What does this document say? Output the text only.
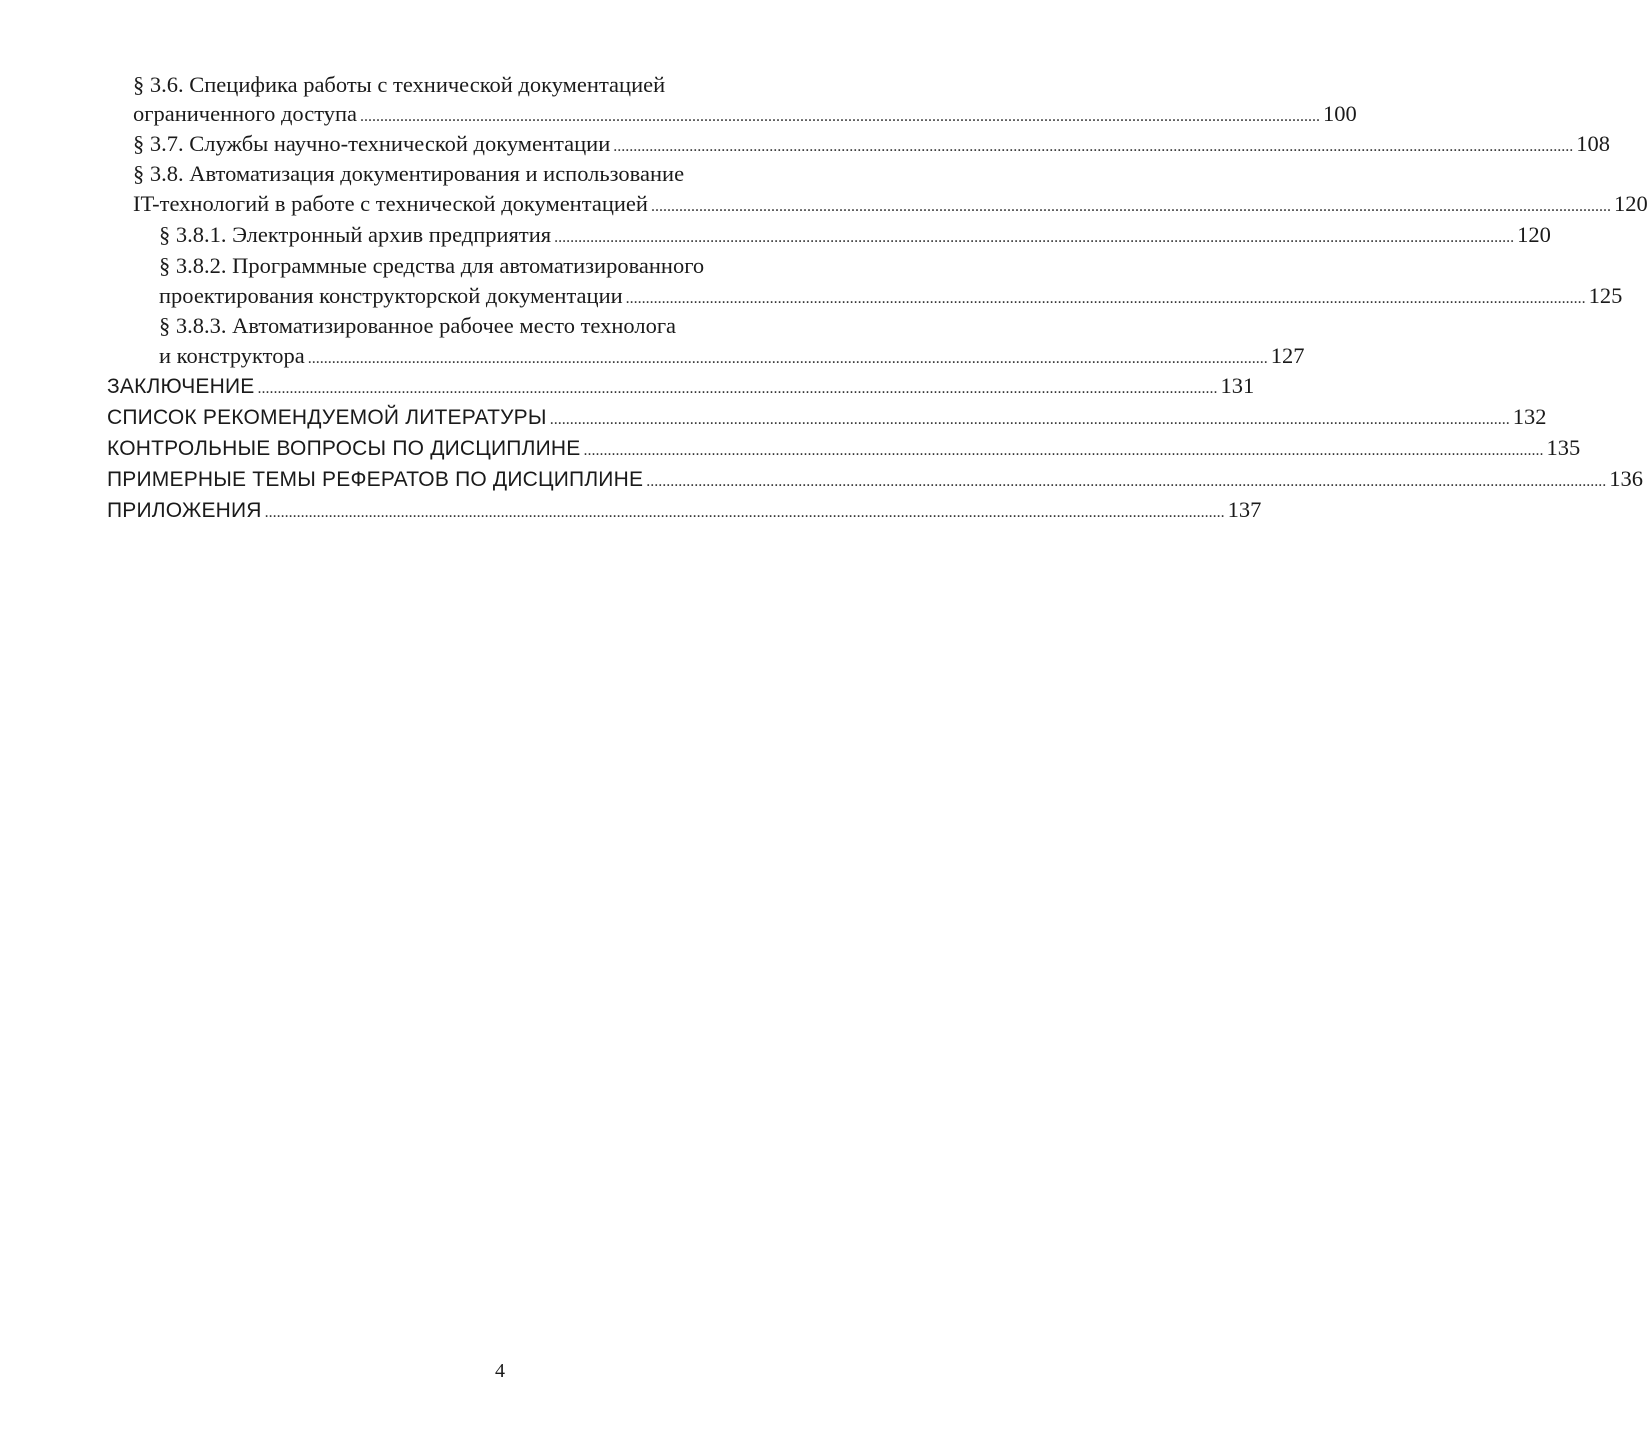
§ 3.6. Специфика работы с технической документацией
ограниченного доступа ................................................................................................................................................................................................................................................ 100
§ 3.7. Службы научно-технической документации ................................................................................................................................................................................................................................................ 108
§ 3.8. Автоматизация документирования и использование
IT-технологий в работе с технической документацией ................................................................................................................................................................................................................................................ 120
§ 3.8.1. Электронный архив предприятия ................................................................................................................................................................................................................................................ 120
§ 3.8.2. Программные средства для автоматизированного
проектирования конструкторской документации ................................................................................................................................................................................................................................................ 125
§ 3.8.3. Автоматизированное рабочее место технолога
и конструктора ................................................................................................................................................................................................................................................ 127
ЗАКЛЮЧЕНИЕ ................................................................................................................................................................................................................................................ 131
СПИСОК РЕКОМЕНДУЕМОЙ ЛИТЕРАТУРЫ ................................................................................................................................................................................................................................................ 132
КОНТРОЛЬНЫЕ ВОПРОСЫ ПО ДИСЦИПЛИНЕ ................................................................................................................................................................................................................................................ 135
ПРИМЕРНЫЕ ТЕМЫ РЕФЕРАТОВ ПО ДИСЦИПЛИНЕ ................................................................................................................................................................................................................................................ 136
ПРИЛОЖЕНИЯ ................................................................................................................................................................................................................................................ 137
4
